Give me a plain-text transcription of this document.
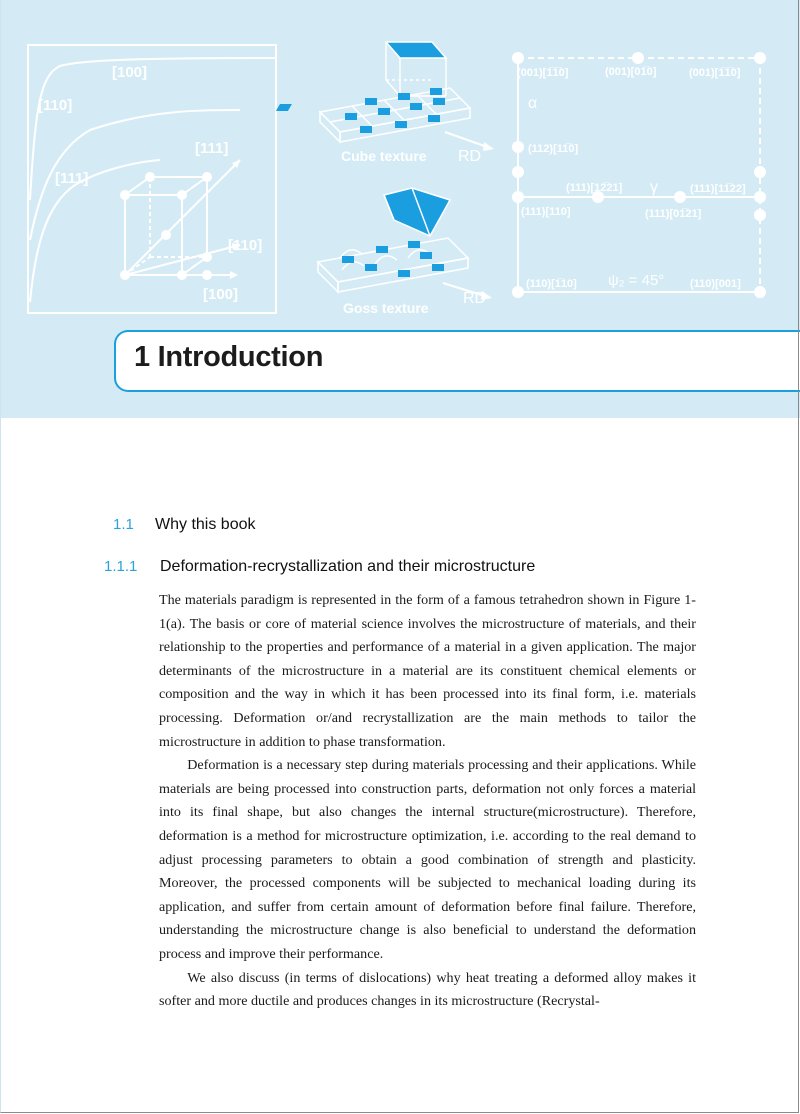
[100]
[110]
[111]
[111]
[110]
[100]
Cube texture RD
Goss texture
RD
(001)[1̅1̅0]	(001)[01̅0]	(001)[1̅1̅0]
α
(112)[11̅0]
(111)[12̅21] γ	(111)[11̅22]
(111)[110]	(111)[01̅21]
(110)[1̅10] ψ₂ = 45° (110)[001]
1 Introduction
1.1 Why this book
1.1.1 Deformation-recrystallization and their microstructure

The materials paradigm is represented in the form of a famous tetrahedron shown in Figure 1-1(a). The basis or core of material science involves the microstructure of materials, and their relationship to the properties and performance of a material in a given application. The major determinants of the microstructure in a material are its constituent chemical elements or composition and the way in which it has been processed into its final form, i.e. materials processing. Deformation or/and recrystallization are the main methods to tailor the microstructure in addition to phase transformation.

Deformation is a necessary step during materials processing and their applications. While materials are being processed into construction parts, deformation not only forces a material into its final shape, but also changes the internal structure(microstructure). Therefore, deformation is a method for microstructure optimization, i.e. according to the real demand to adjust processing parameters to obtain a good combination of strength and plasticity. Moreover, the processed components will be subjected to mechanical loading during its application, and suffer from certain amount of deformation before final failure. Therefore, understanding the microstructure change is also beneficial to understand the deformation process and improve their performance.

We also discuss (in terms of dislocations) why heat treating a deformed alloy makes it softer and more ductile and produces changes in its microstructure (Recrystal-
